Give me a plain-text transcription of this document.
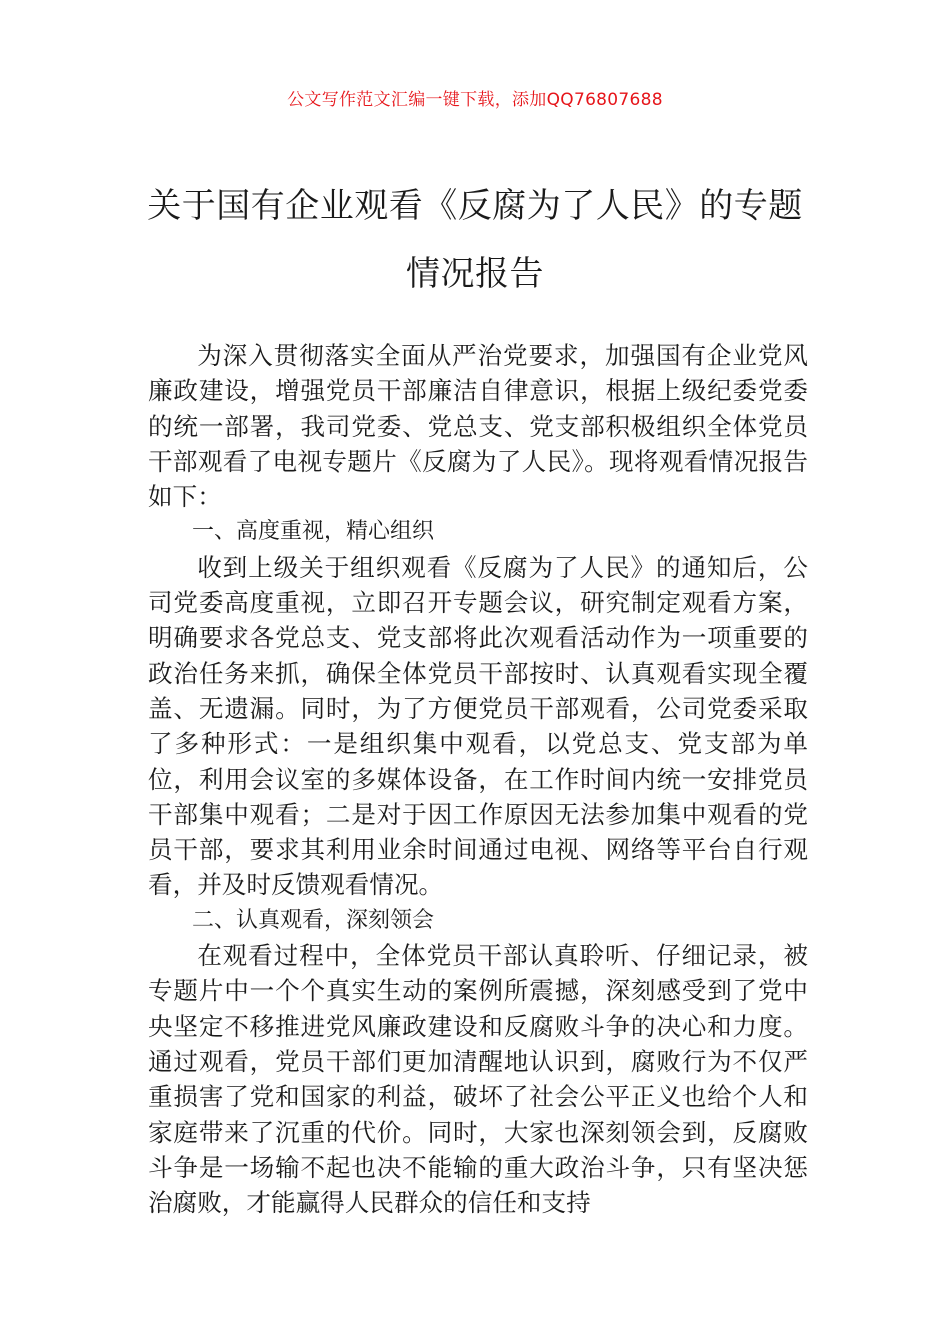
公文写作范文汇编一键下载，添加QQ76807688
关于国有企业观看《反腐为了人民》的专题情况报告

为深入贯彻落实全面从严治党要求，加强国有企业党风廉政建设，增强党员干部廉洁自律意识，根据上级纪委党委的统一部署，我司党委、党总支、党支部积极组织全体党员干部观看了电视专题片《反腐为了人民》。现将观看情况报告如下：

一、高度重视，精心组织

收到上级关于组织观看《反腐为了人民》的通知后，公司党委高度重视，立即召开专题会议，研究制定观看方案，明确要求各党总支、党支部将此次观看活动作为一项重要的政治任务来抓，确保全体党员干部按时、认真观看实现全覆盖、无遗漏。同时，为了方便党员干部观看，公司党委采取了多种形式：一是组织集中观看，以党总支、党支部为单位，利用会议室的多媒体设备，在工作时间内统一安排党员干部集中观看；二是对于因工作原因无法参加集中观看的党员干部，要求其利用业余时间通过电视、网络等平台自行观看，并及时反馈观看情况。

二、认真观看，深刻领会

在观看过程中，全体党员干部认真聆听、仔细记录，被专题片中一个个真实生动的案例所震撼，深刻感受到了党中央坚定不移推进党风廉政建设和反腐败斗争的决心和力度。通过观看，党员干部们更加清醒地认识到，腐败行为不仅严重损害了党和国家的利益，破坏了社会公平正义也给个人和家庭带来了沉重的代价。同时，大家也深刻领会到，反腐败斗争是一场输不起也决不能输的重大政治斗争，只有坚决惩治腐败，才能赢得人民群众的信任和支持
